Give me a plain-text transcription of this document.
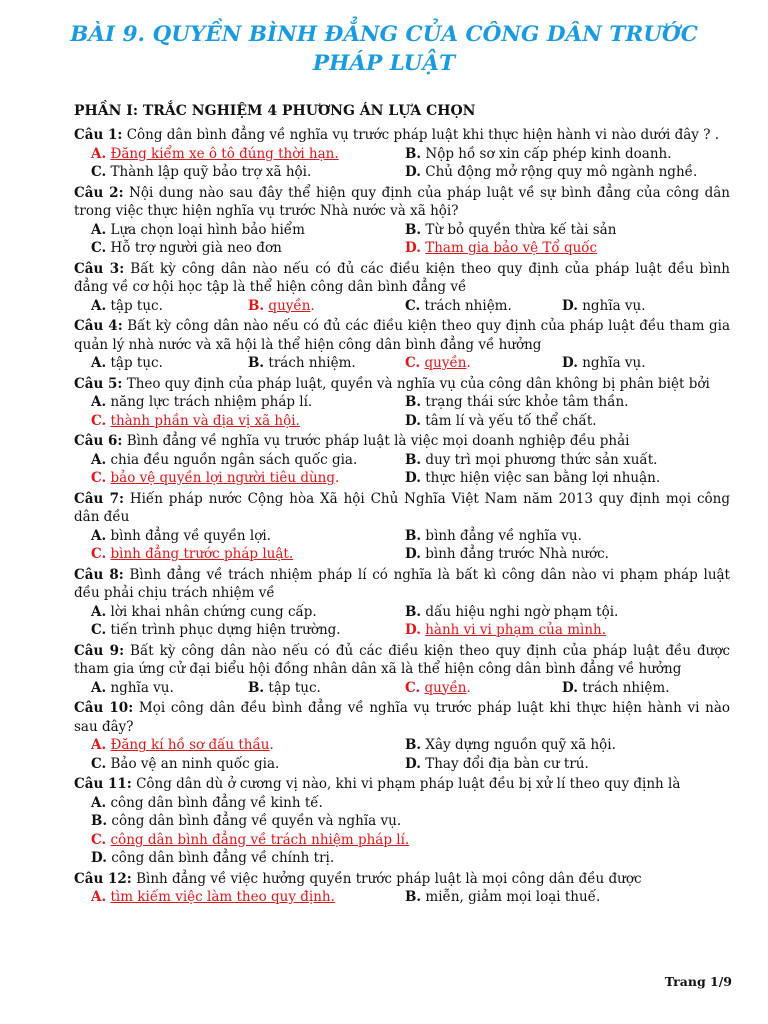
BÀI 9. QUYỀN BÌNH ĐẲNG CỦA CÔNG DÂN TRƯỚC PHÁP LUẬT
PHẦN I: TRẮC NGHIỆM 4 PHƯƠNG ÁN LỰA CHỌN

Câu 1: Công dân bình đẳng về nghĩa vụ trước pháp luật khi thực hiện hành vi nào dưới đây ? .

A. Đăng kiểm xe ô tô đúng thời hạn.	B. Nộp hồ sơ xin cấp phép kinh doanh.
C. Thành lập quỹ bảo trợ xã hội.	D. Chủ động mở rộng quy mô ngành nghề.

Câu 2: Nội dung nào sau đây thể hiện quy định của pháp luật về sự bình đẳng của công dân trong việc thực hiện nghĩa vụ trước Nhà nước và xã hội?

A. Lựa chọn loại hình bảo hiểm	B. Từ bỏ quyền thừa kế tài sản
C. Hỗ trợ người già neo đơn	D. Tham gia bảo vệ Tổ quốc

Câu 3: Bất kỳ công dân nào nếu có đủ các điều kiện theo quy định của pháp luật đều bình đẳng về cơ hội học tập là thể hiện công dân bình đẳng về

A. tập tục.	B. quyền.	C. trách nhiệm.	D. nghĩa vụ.

Câu 4: Bất kỳ công dân nào nếu có đủ các điều kiện theo quy định của pháp luật đều tham gia quản lý nhà nước và xã hội là thể hiện công dân bình đẳng về hưởng

A. tập tục.	B. trách nhiệm.	C. quyền.	D. nghĩa vụ.

Câu 5: Theo quy định của pháp luật, quyền và nghĩa vụ của công dân không bị phân biệt bởi

A. năng lực trách nhiệm pháp lí.	B. trạng thái sức khỏe tâm thần.
C. thành phần và địa vị xã hội.	D. tâm lí và yếu tố thể chất.

Câu 6: Bình đẳng về nghĩa vụ trước pháp luật là việc mọi doanh nghiệp đều phải

A. chia đều nguồn ngân sách quốc gia.	B. duy trì mọi phương thức sản xuất.
C. bảo vệ quyền lợi người tiêu dùng.	D. thực hiện việc san bằng lợi nhuận.

Câu 7: Hiến pháp nước Cộng hòa Xã hội Chủ Nghĩa Việt Nam năm 2013 quy định mọi công dân đều

A. bình đẳng về quyền lợi.	B. bình đẳng về nghĩa vụ.
C. bình đẳng trước pháp luật.	D. bình đẳng trước Nhà nước.

Câu 8: Bình đẳng về trách nhiệm pháp lí có nghĩa là bất kì công dân nào vi phạm pháp luật đều phải chịu trách nhiệm về

A. lời khai nhân chứng cung cấp.	B. dấu hiệu nghi ngờ phạm tội.
C. tiến trình phục dựng hiện trường.	D. hành vi vi phạm của mình.

Câu 9: Bất kỳ công dân nào nếu có đủ các điều kiện theo quy định của pháp luật đều được tham gia ứng cử đại biểu hội đồng nhân dân xã là thể hiện công dân bình đẳng về hưởng

A. nghĩa vụ.	B. tập tục.	C. quyền.	D. trách nhiệm.

Câu 10: Mọi công dân đều bình đẳng về nghĩa vụ trước pháp luật khi thực hiện hành vi nào sau đây?

A. Đăng kí hồ sơ đấu thầu.	B. Xây dựng nguồn quỹ xã hội.
C. Bảo vệ an ninh quốc gia.	D. Thay đổi địa bàn cư trú.

Câu 11: Công dân dù ở cương vị nào, khi vi phạm pháp luật đều bị xử lí theo quy định là

A. công dân bình đẳng về kinh tế.
B. công dân bình đẳng về quyền và nghĩa vụ.
C. công dân bình đẳng về trách nhiệm pháp lí.
D. công dân bình đẳng về chính trị.

Câu 12: Bình đẳng về việc hưởng quyền trước pháp luật là mọi công dân đều được

A. tìm kiếm việc làm theo quy định.	B. miễn, giảm mọi loại thuế.
Trang 1/9
